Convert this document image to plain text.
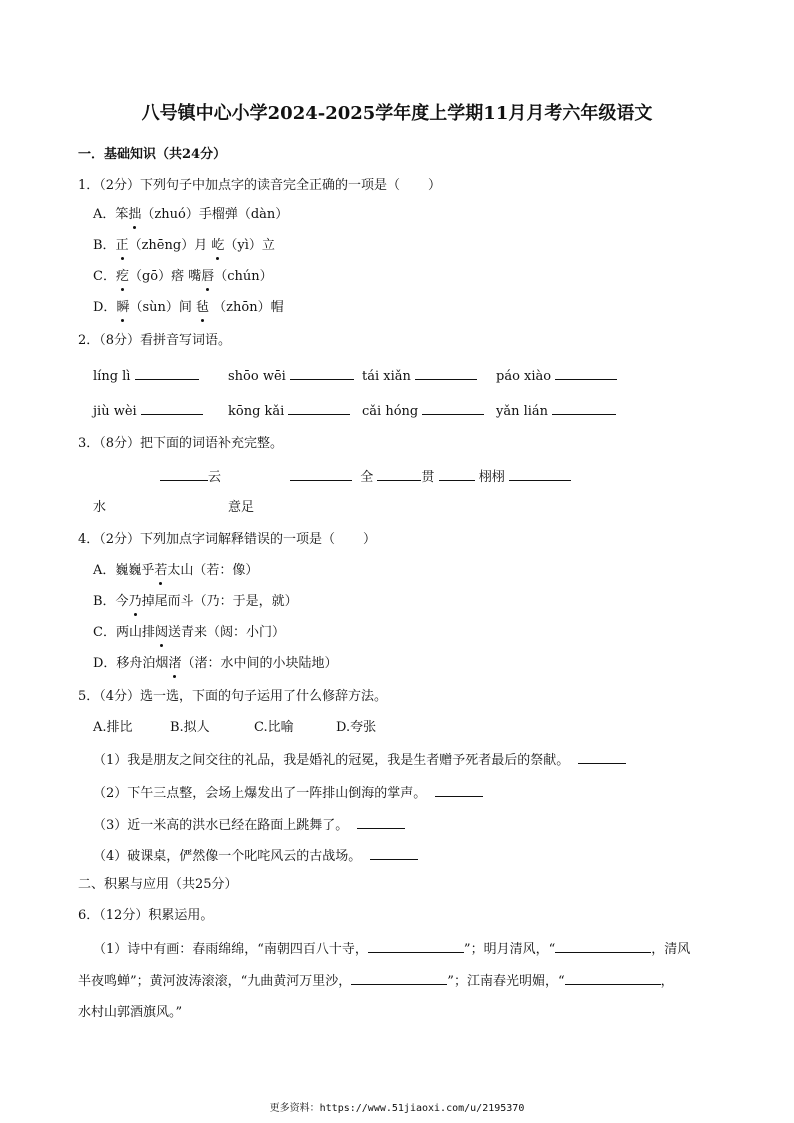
八号镇中心小学2024-2025学年度上学期11月月考六年级语文
一．基础知识（共24分）
1．（2分）下列句子中加点字的读音完全正确的一项是（ ）
A．笨拙（zhuó）手榴弹（dàn）
B．正（zhēng）月 屹（yì）立
C．疙（gō）瘩 嘴唇（chún）
D．瞬（sùn）间 毡 （zhōn）帽
2．（8分）看拼音写词语。
líng lì	shōo wēi	tái xiǎn	páo xiào
jiù wèi	kōng kǎi	cǎi hóng	yǎn lián
3．（8分）把下面的词语补充完整。
云	全	贯	栩栩
水	意足
4．（2分）下列加点字词解释错误的一项是（ ）
A．巍巍乎若太山（若：像）
B．今乃掉尾而斗（乃：于是，就）
C．两山排闼送青来（闼：小门）
D．移舟泊烟渚（渚：水中间的小块陆地）
5．（4分）选一选，下面的句子运用了什么修辞方法。
A.排比	B.拟人	C.比喻	D.夸张
（1）我是朋友之间交往的礼品，我是婚礼的冠冕，我是生者赠予死者最后的祭献。
（2）下午三点整，会场上爆发出了一阵排山倒海的掌声。
（3）近一米高的洪水已经在路面上跳舞了。
（4）破课桌，俨然像一个叱咤风云的古战场。
二、积累与应用（共25分）
6．（12分）积累运用。
（1）诗中有画：春雨绵绵，“南朝四百八十寺，	”；明月清风，“	，清风
半夜鸣蝉”；黄河波涛滚滚，“九曲黄河万里沙，	”；江南春光明媚，“	，
水村山郭酒旗风。”
更多资料：https://www.51jiaoxi.com/u/2195370
